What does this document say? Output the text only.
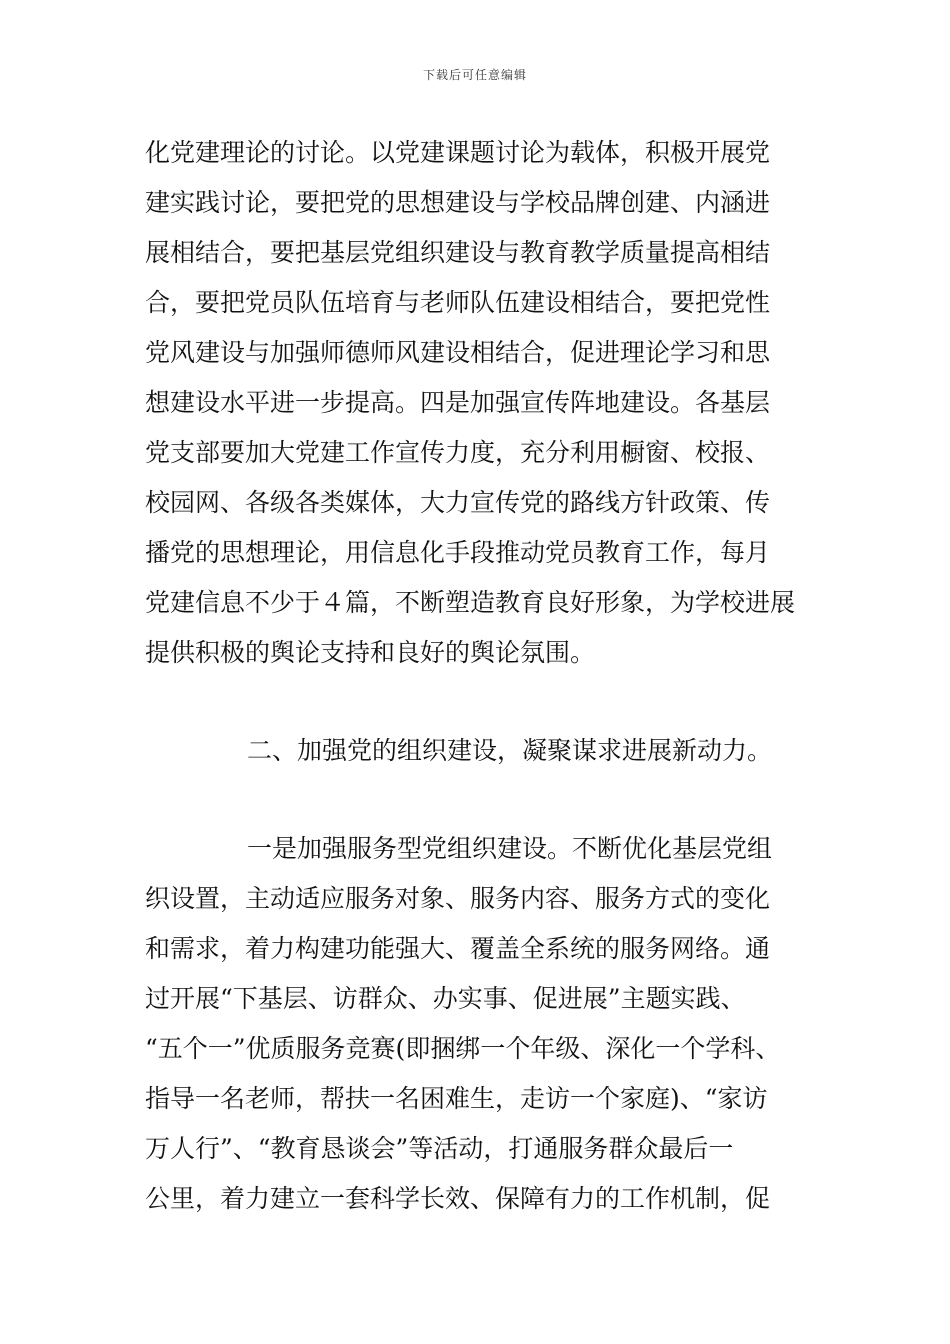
下载后可任意编辑
化党建理论的讨论。以党建课题讨论为载体，积极开展党
建实践讨论，要把党的思想建设与学校品牌创建、内涵进
展相结合，要把基层党组织建设与教育教学质量提高相结
合，要把党员队伍培育与老师队伍建设相结合，要把党性
党风建设与加强师德师风建设相结合，促进理论学习和思
想建设水平进一步提高。四是加强宣传阵地建设。各基层
党支部要加大党建工作宣传力度，充分利用橱窗、校报、
校园网、各级各类媒体，大力宣传党的路线方针政策、传
播党的思想理论，用信息化手段推动党员教育工作，每月
党建信息不少于４篇，不断塑造教育良好形象，为学校进展
提供积极的舆论支持和良好的舆论氛围。
二、加强党的组织建设，凝聚谋求进展新动力。
一是加强服务型党组织建设。不断优化基层党组
织设置，主动适应服务对象、服务内容、服务方式的变化
和需求，着力构建功能强大、覆盖全系统的服务网络。通
过开展“下基层、访群众、办实事、促进展”主题实践、
“五个一”优质服务竞赛(即捆绑一个年级、深化一个学科、
指导一名老师，帮扶一名困难生，走访一个家庭)、“家访
万人行”、“教育恳谈会”等活动，打通服务群众最后一
公里，着力建立一套科学长效、保障有力的工作机制，促
